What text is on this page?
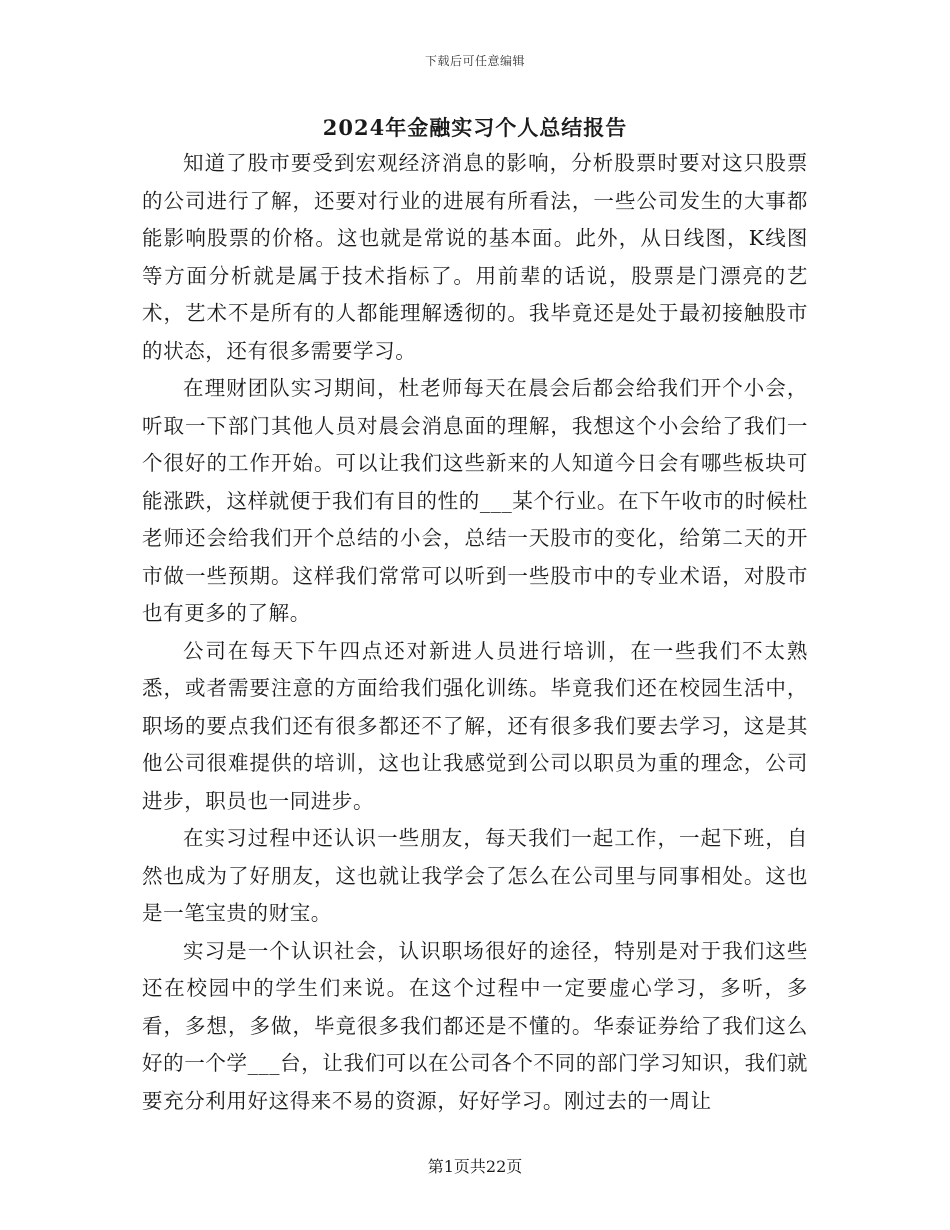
下载后可任意编辑
2024年金融实习个人总结报告

知道了股市要受到宏观经济消息的影响，分析股票时要对这只股票的公司进行了解，还要对行业的进展有所看法，一些公司发生的大事都能影响股票的价格。这也就是常说的基本面。此外，从日线图，K线图等方面分析就是属于技术指标了。用前辈的话说，股票是门漂亮的艺术，艺术不是所有的人都能理解透彻的。我毕竟还是处于最初接触股市的状态，还有很多需要学习。

在理财团队实习期间，杜老师每天在晨会后都会给我们开个小会，听取一下部门其他人员对晨会消息面的理解，我想这个小会给了我们一个很好的工作开始。可以让我们这些新来的人知道今日会有哪些板块可能涨跌，这样就便于我们有目的性的___某个行业。在下午收市的时候杜老师还会给我们开个总结的小会，总结一天股市的变化，给第二天的开市做一些预期。这样我们常常可以听到一些股市中的专业术语，对股市也有更多的了解。

公司在每天下午四点还对新进人员进行培训，在一些我们不太熟悉，或者需要注意的方面给我们强化训练。毕竟我们还在校园生活中，职场的要点我们还有很多都还不了解，还有很多我们要去学习，这是其他公司很难提供的培训，这也让我感觉到公司以职员为重的理念，公司进步，职员也一同进步。

在实习过程中还认识一些朋友，每天我们一起工作，一起下班，自然也成为了好朋友，这也就让我学会了怎么在公司里与同事相处。这也是一笔宝贵的财宝。

实习是一个认识社会，认识职场很好的途径，特别是对于我们这些还在校园中的学生们来说。在这个过程中一定要虚心学习，多听，多看，多想，多做，毕竟很多我们都还是不懂的。华泰证券给了我们这么好的一个学___台，让我们可以在公司各个不同的部门学习知识，我们就要充分利用好这得来不易的资源，好好学习。刚过去的一周让

第1页共22页
